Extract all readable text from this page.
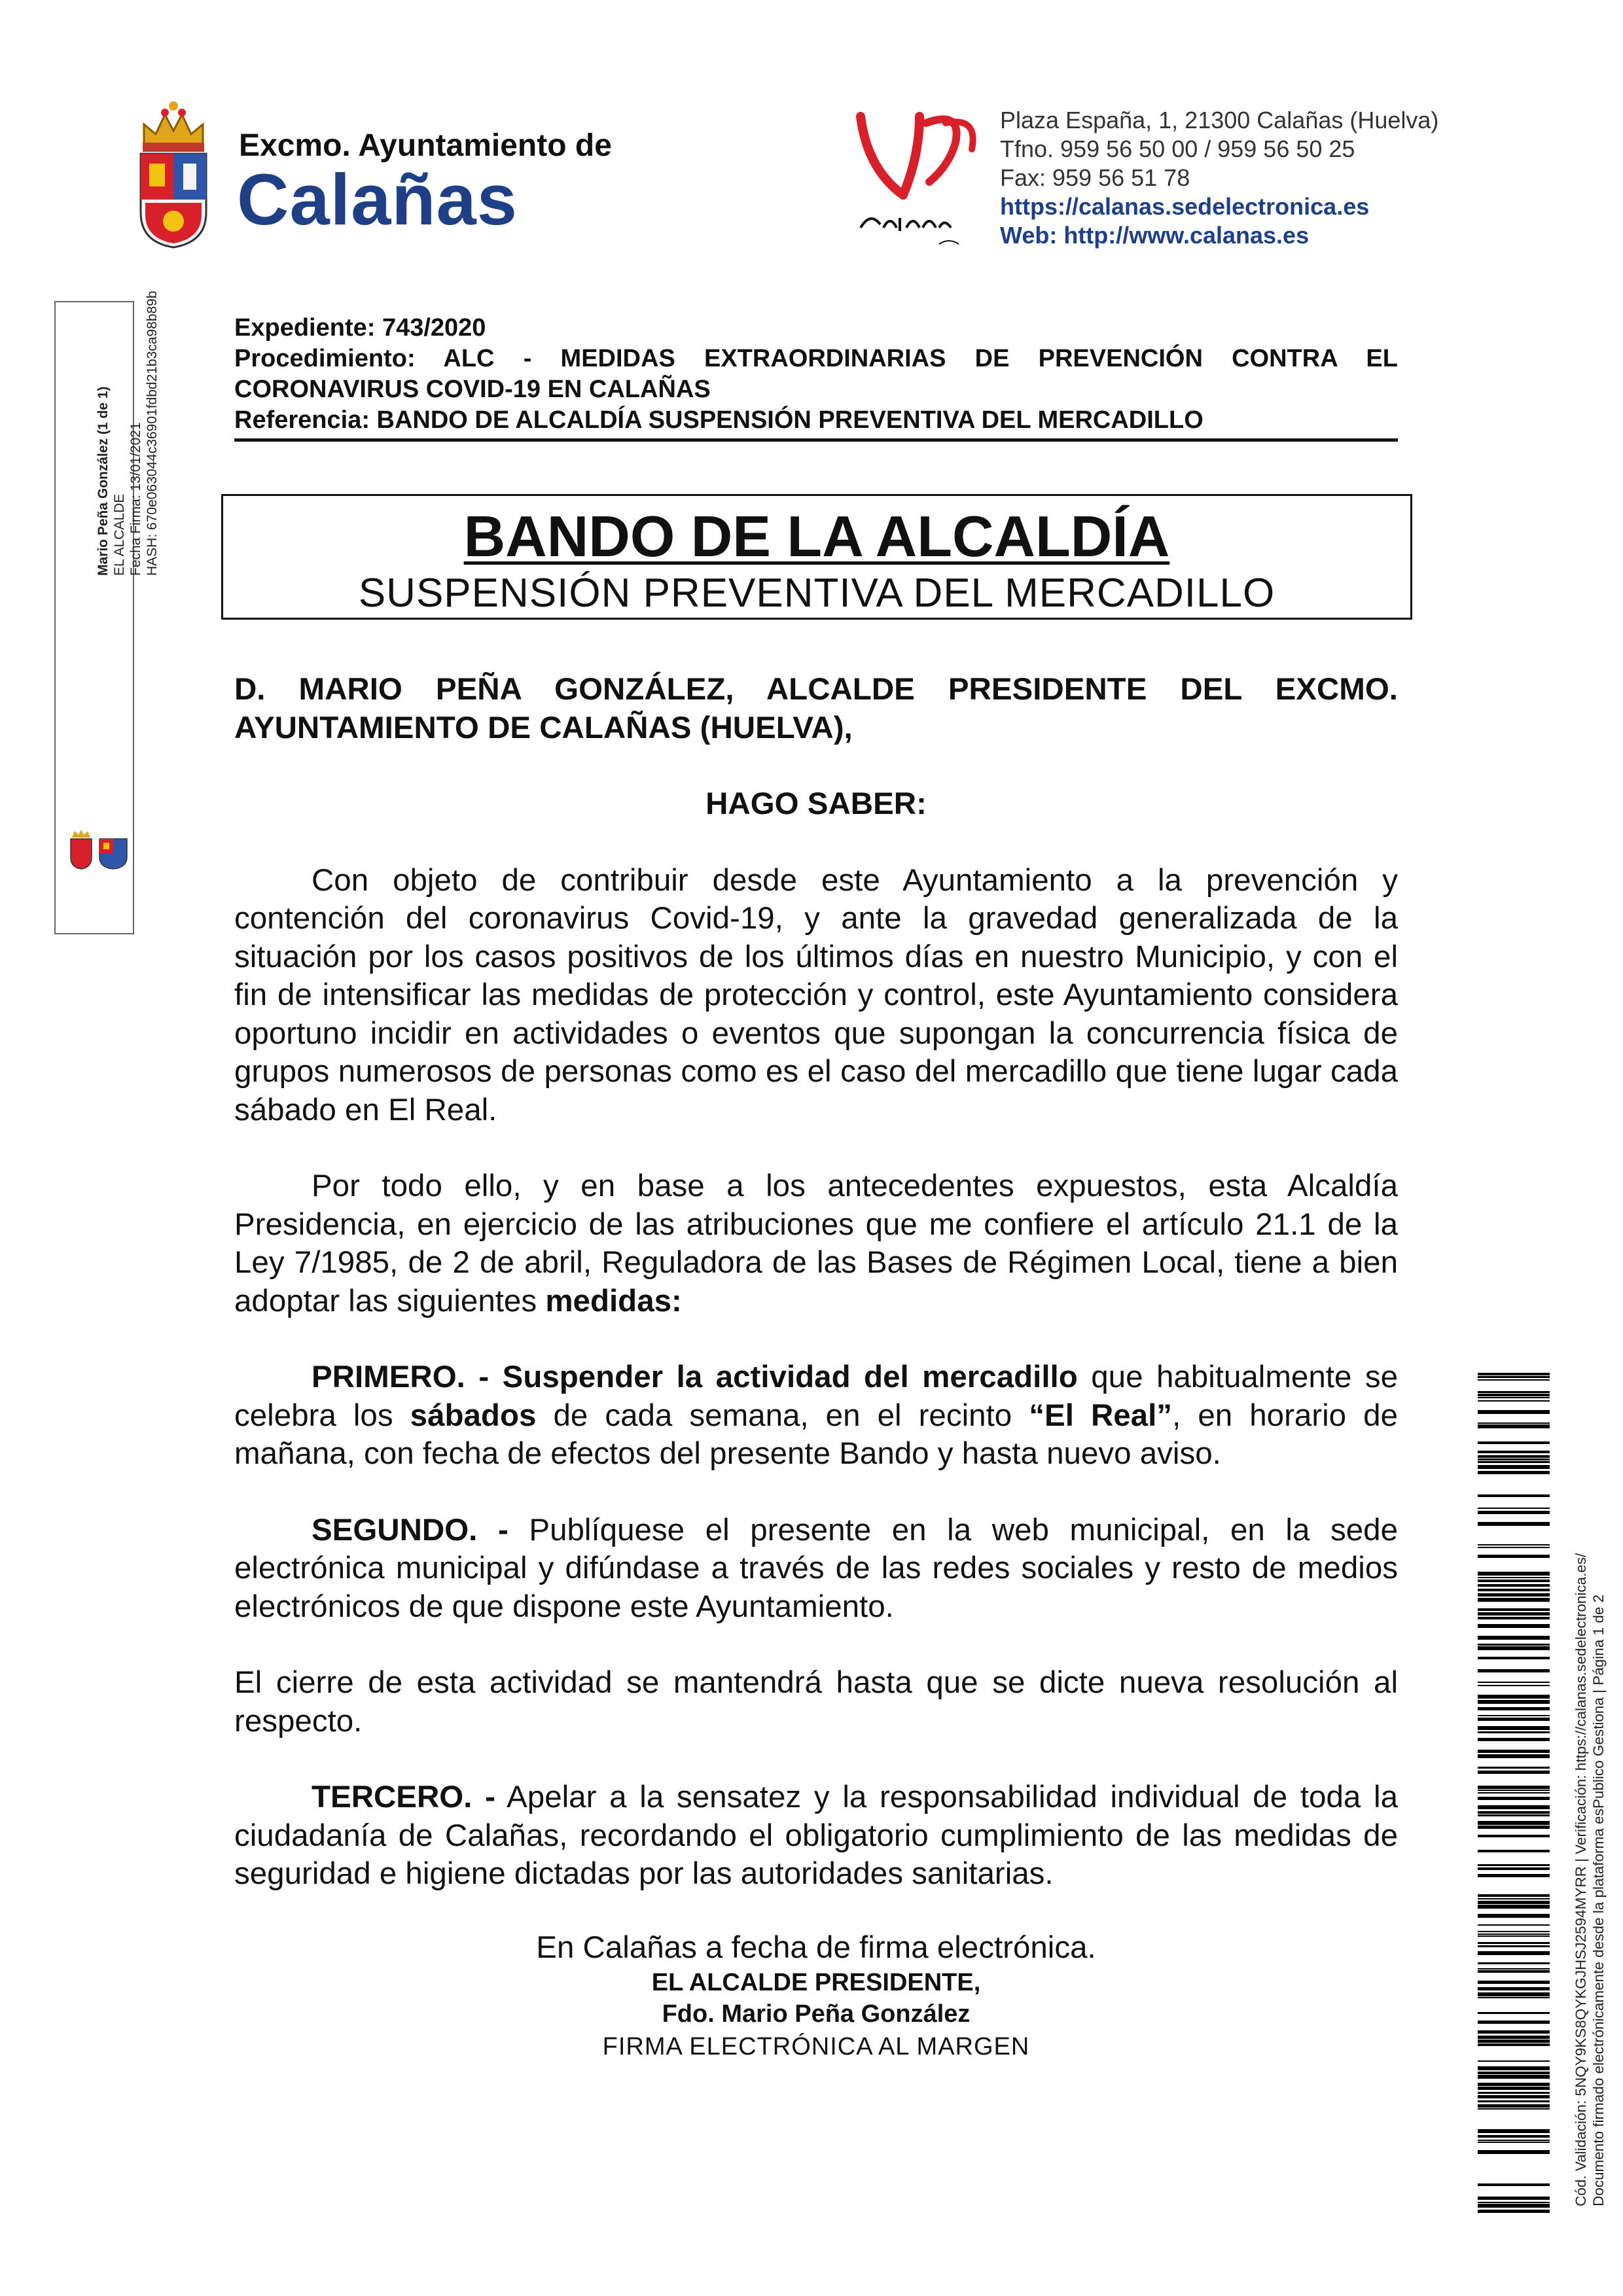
Excmo. Ayuntamiento de
Calañas
Plaza España, 1, 21300 Calañas (Huelva)
Tfno. 959 56 50 00 / 959 56 50 25
Fax: 959 56 51 78
https://calanas.sedelectronica.es
Web: http://www.calanas.es
Mario Peña González (1 de 1) EL ALCALDE Fecha Firma: 13/01/2021 HASH: 670e063044c36901fdbd21b3ca98b89b	Expediente: 743/2020
Procedimiento: ALC - MEDIDAS EXTRAORDINARIAS DE PREVENCIÓN CONTRA EL CORONAVIRUS COVID-19 EN CALAÑAS
Referencia: BANDO DE ALCALDÍA SUSPENSIÓN PREVENTIVA DEL MERCADILLO
BANDO DE LA ALCALDÍA
SUSPENSIÓN PREVENTIVA DEL MERCADILLO

D. MARIO PEÑA GONZÁLEZ, ALCALDE PRESIDENTE DEL EXCMO. AYUNTAMIENTO DE CALAÑAS (HUELVA),

HAGO SABER:

Con objeto de contribuir desde este Ayuntamiento a la prevención y contención del coronavirus Covid-19, y ante la gravedad generalizada de la situación por los casos positivos de los últimos días en nuestro Municipio, y con el fin de intensificar las medidas de protección y control, este Ayuntamiento considera oportuno incidir en actividades o eventos que supongan la concurrencia física de grupos numerosos de personas como es el caso del mercadillo que tiene lugar cada sábado en El Real.

Por todo ello, y en base a los antecedentes expuestos, esta Alcaldía Presidencia, en ejercicio de las atribuciones que me confiere el artículo 21.1 de la Ley 7/1985, de 2 de abril, Reguladora de las Bases de Régimen Local, tiene a bien adoptar las siguientes medidas:

PRIMERO. - Suspender la actividad del mercadillo que habitualmente se celebra los sábados de cada semana, en el recinto “El Real”, en horario de mañana, con fecha de efectos del presente Bando y hasta nuevo aviso.

SEGUNDO. - Publíquese el presente en la web municipal, en la sede electrónica municipal y difúndase a través de las redes sociales y resto de medios electrónicos de que dispone este Ayuntamiento.

El cierre de esta actividad se mantendrá hasta que se dicte nueva resolución al respecto.

TERCERO. - Apelar a la sensatez y la responsabilidad individual de toda la ciudadanía de Calañas, recordando el obligatorio cumplimiento de las medidas de seguridad e higiene dictadas por las autoridades sanitarias.

En Calañas a fecha de firma electrónica.
EL ALCALDE PRESIDENTE,
Fdo. Mario Peña González
FIRMA ELECTRÓNICA AL MARGEN	Cód. Validación: 5NQY9KS8QYKGJHSJ2594MYRR | Verificación: https://calanas.sedelectronica.es/ Documento firmado electrónicamente desde la plataforma esPublico Gestiona | Página 1 de 2
